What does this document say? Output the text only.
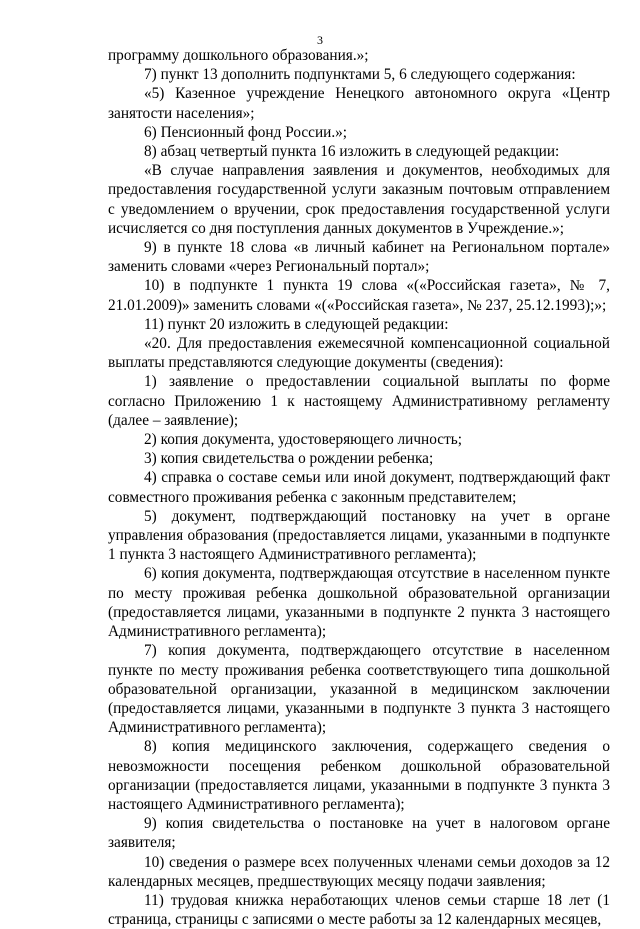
3

программу дошкольного образования.»;

7) пункт 13 дополнить подпунктами 5, 6 следующего содержания:

«5) Казенное учреждение Ненецкого автономного округа «Центр занятости населения»;

6) Пенсионный фонд России.»;

8) абзац четвертый пункта 16 изложить в следующей редакции:

«В случае направления заявления и документов, необходимых для предоставления государственной услуги заказным почтовым отправлением с уведомлением о вручении, срок предоставления государственной услуги исчисляется со дня поступления данных документов в Учреждение.»;

9) в пункте 18 слова «в личный кабинет на Региональном портале» заменить словами «через Региональный портал»;

10) в подпункте 1 пункта 19 слова «(«Российская газета», № 7, 21.01.2009)» заменить словами «(«Российская газета», № 237, 25.12.1993);»;

11) пункт 20 изложить в следующей редакции:

«20. Для предоставления ежемесячной компенсационной социальной выплаты представляются следующие документы (сведения):

1) заявление о предоставлении социальной выплаты по форме согласно Приложению 1 к настоящему Административному регламенту (далее – заявление);

2) копия документа, удостоверяющего личность;

3) копия свидетельства о рождении ребенка;

4) справка о составе семьи или иной документ, подтверждающий факт совместного проживания ребенка с законным представителем;

5) документ, подтверждающий постановку на учет в органе управления образования (предоставляется лицами, указанными в подпункте 1 пункта 3 настоящего Административного регламента);

6) копия документа, подтверждающая отсутствие в населенном пункте по месту проживая ребенка дошкольной образовательной организации (предоставляется лицами, указанными в подпункте 2 пункта 3 настоящего Административного регламента);

7) копия документа, подтверждающего отсутствие в населенном пункте по месту проживания ребенка соответствующего типа дошкольной образовательной организации, указанной в медицинском заключении (предоставляется лицами, указанными в подпункте 3 пункта 3 настоящего Административного регламента);

8) копия медицинского заключения, содержащего сведения о невозможности посещения ребенком дошкольной образовательной организации (предоставляется лицами, указанными в подпункте 3 пункта 3 настоящего Административного регламента);

9) копия свидетельства о постановке на учет в налоговом органе заявителя;

10) сведения о размере всех полученных членами семьи доходов за 12 календарных месяцев, предшествующих месяцу подачи заявления;

11) трудовая книжка неработающих членов семьи старше 18 лет (1 страница, страницы с записями о месте работы за 12 календарных месяцев,
